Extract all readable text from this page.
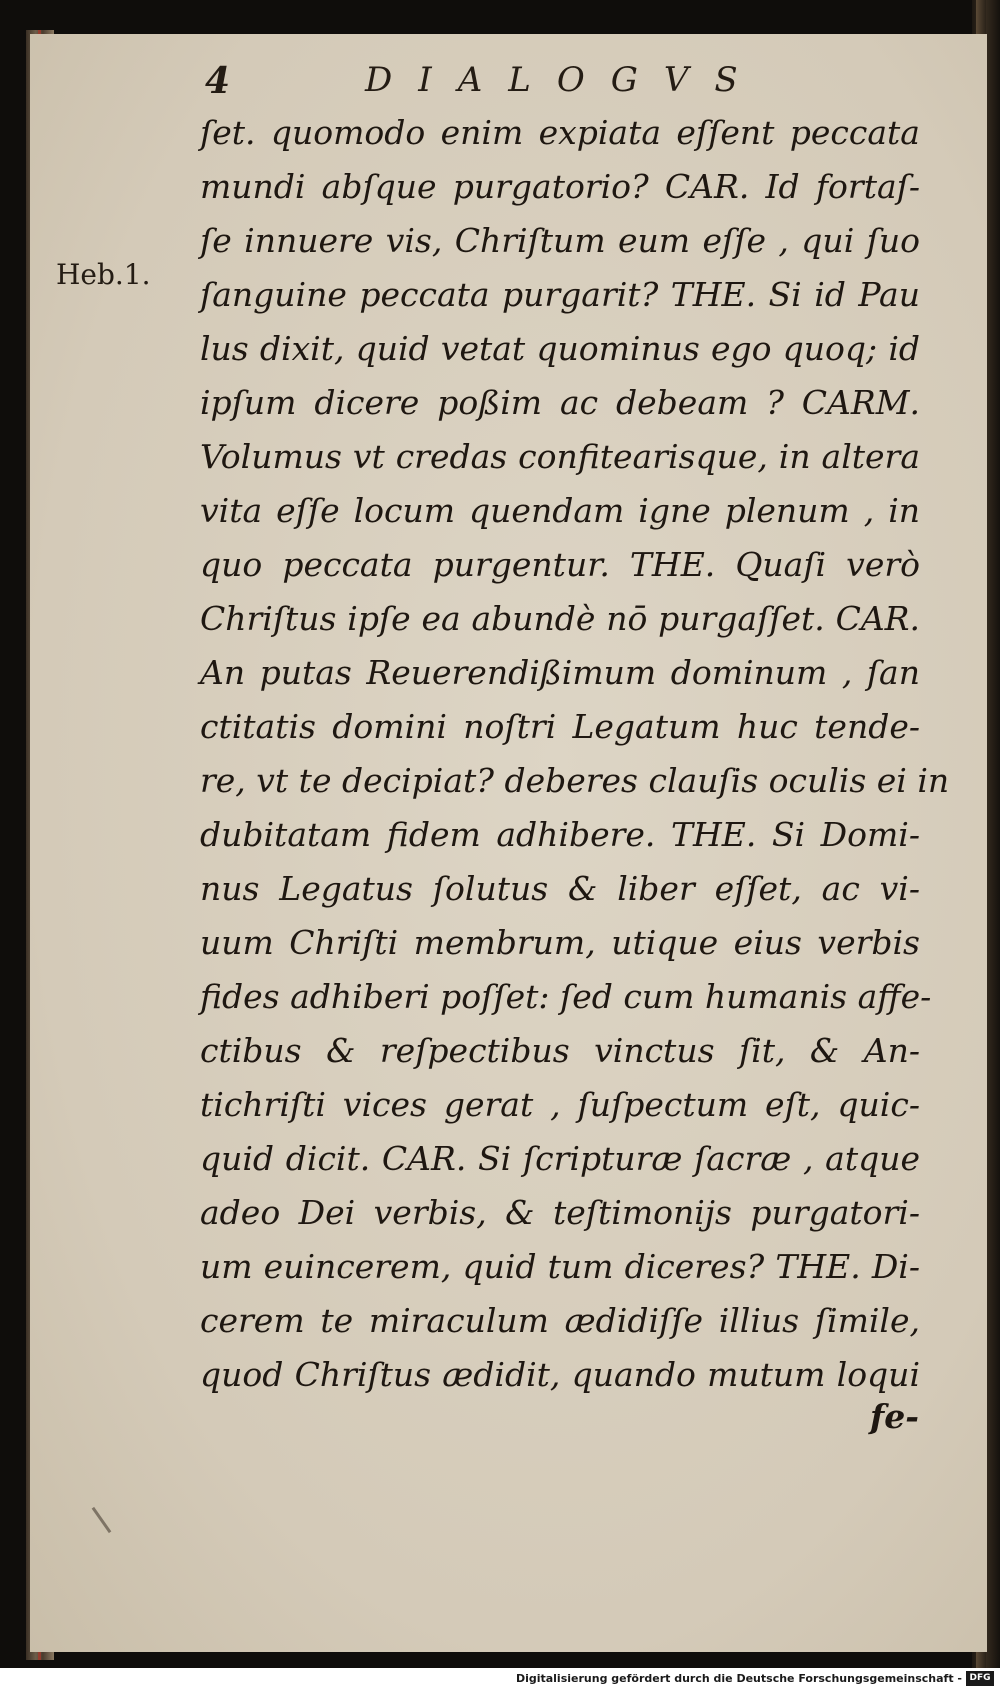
4	DIALOGVS
Heb.1.
ſet. quomodo enim expiata eſſent peccata
mundi abſque purgatorio? CAR. Id fortaſ-
ſe innuere vis, Chriſtum eum eſſe , qui ſuo
ſanguine peccata purgarit? THE. Si id Pau
lus dixit, quid vetat quominus ego quoq; id
ipſum dicere poßim ac debeam ? CARM.
Volumus vt credas confitearisque, in altera
vita eſſe locum quendam igne plenum , in
quo peccata purgentur. THE. Quaſi verò
Chriſtus ipſe ea abundè nō purgaſſet. CAR.
An putas Reuerendißimum dominum , ſan
ctitatis domini noſtri Legatum huc tende-
re, vt te decipiat? deberes clauſis oculis ei in
dubitatam fidem adhibere. THE. Si Domi-
nus Legatus ſolutus & liber eſſet, ac vi-
uum Chriſti membrum, utique eius verbis
fides adhiberi poſſet: ſed cum humanis affe-
ctibus & reſpectibus vinctus ſit, & An-
tichriſti vices gerat , ſuſpectum eſt, quic-
quid dicit. CAR. Si ſcripturæ ſacræ , atque
adeo Dei verbis, & teſtimonijs purgatori-
um euincerem, quid tum diceres? THE. Di-
cerem te miraculum ædidiſſe illius ſimile,
quod Chriſtus ædidit, quando mutum loqui
fe-
Digitalisierung gefördert durch die Deutsche Forschungsgemeinschaft - DFG
